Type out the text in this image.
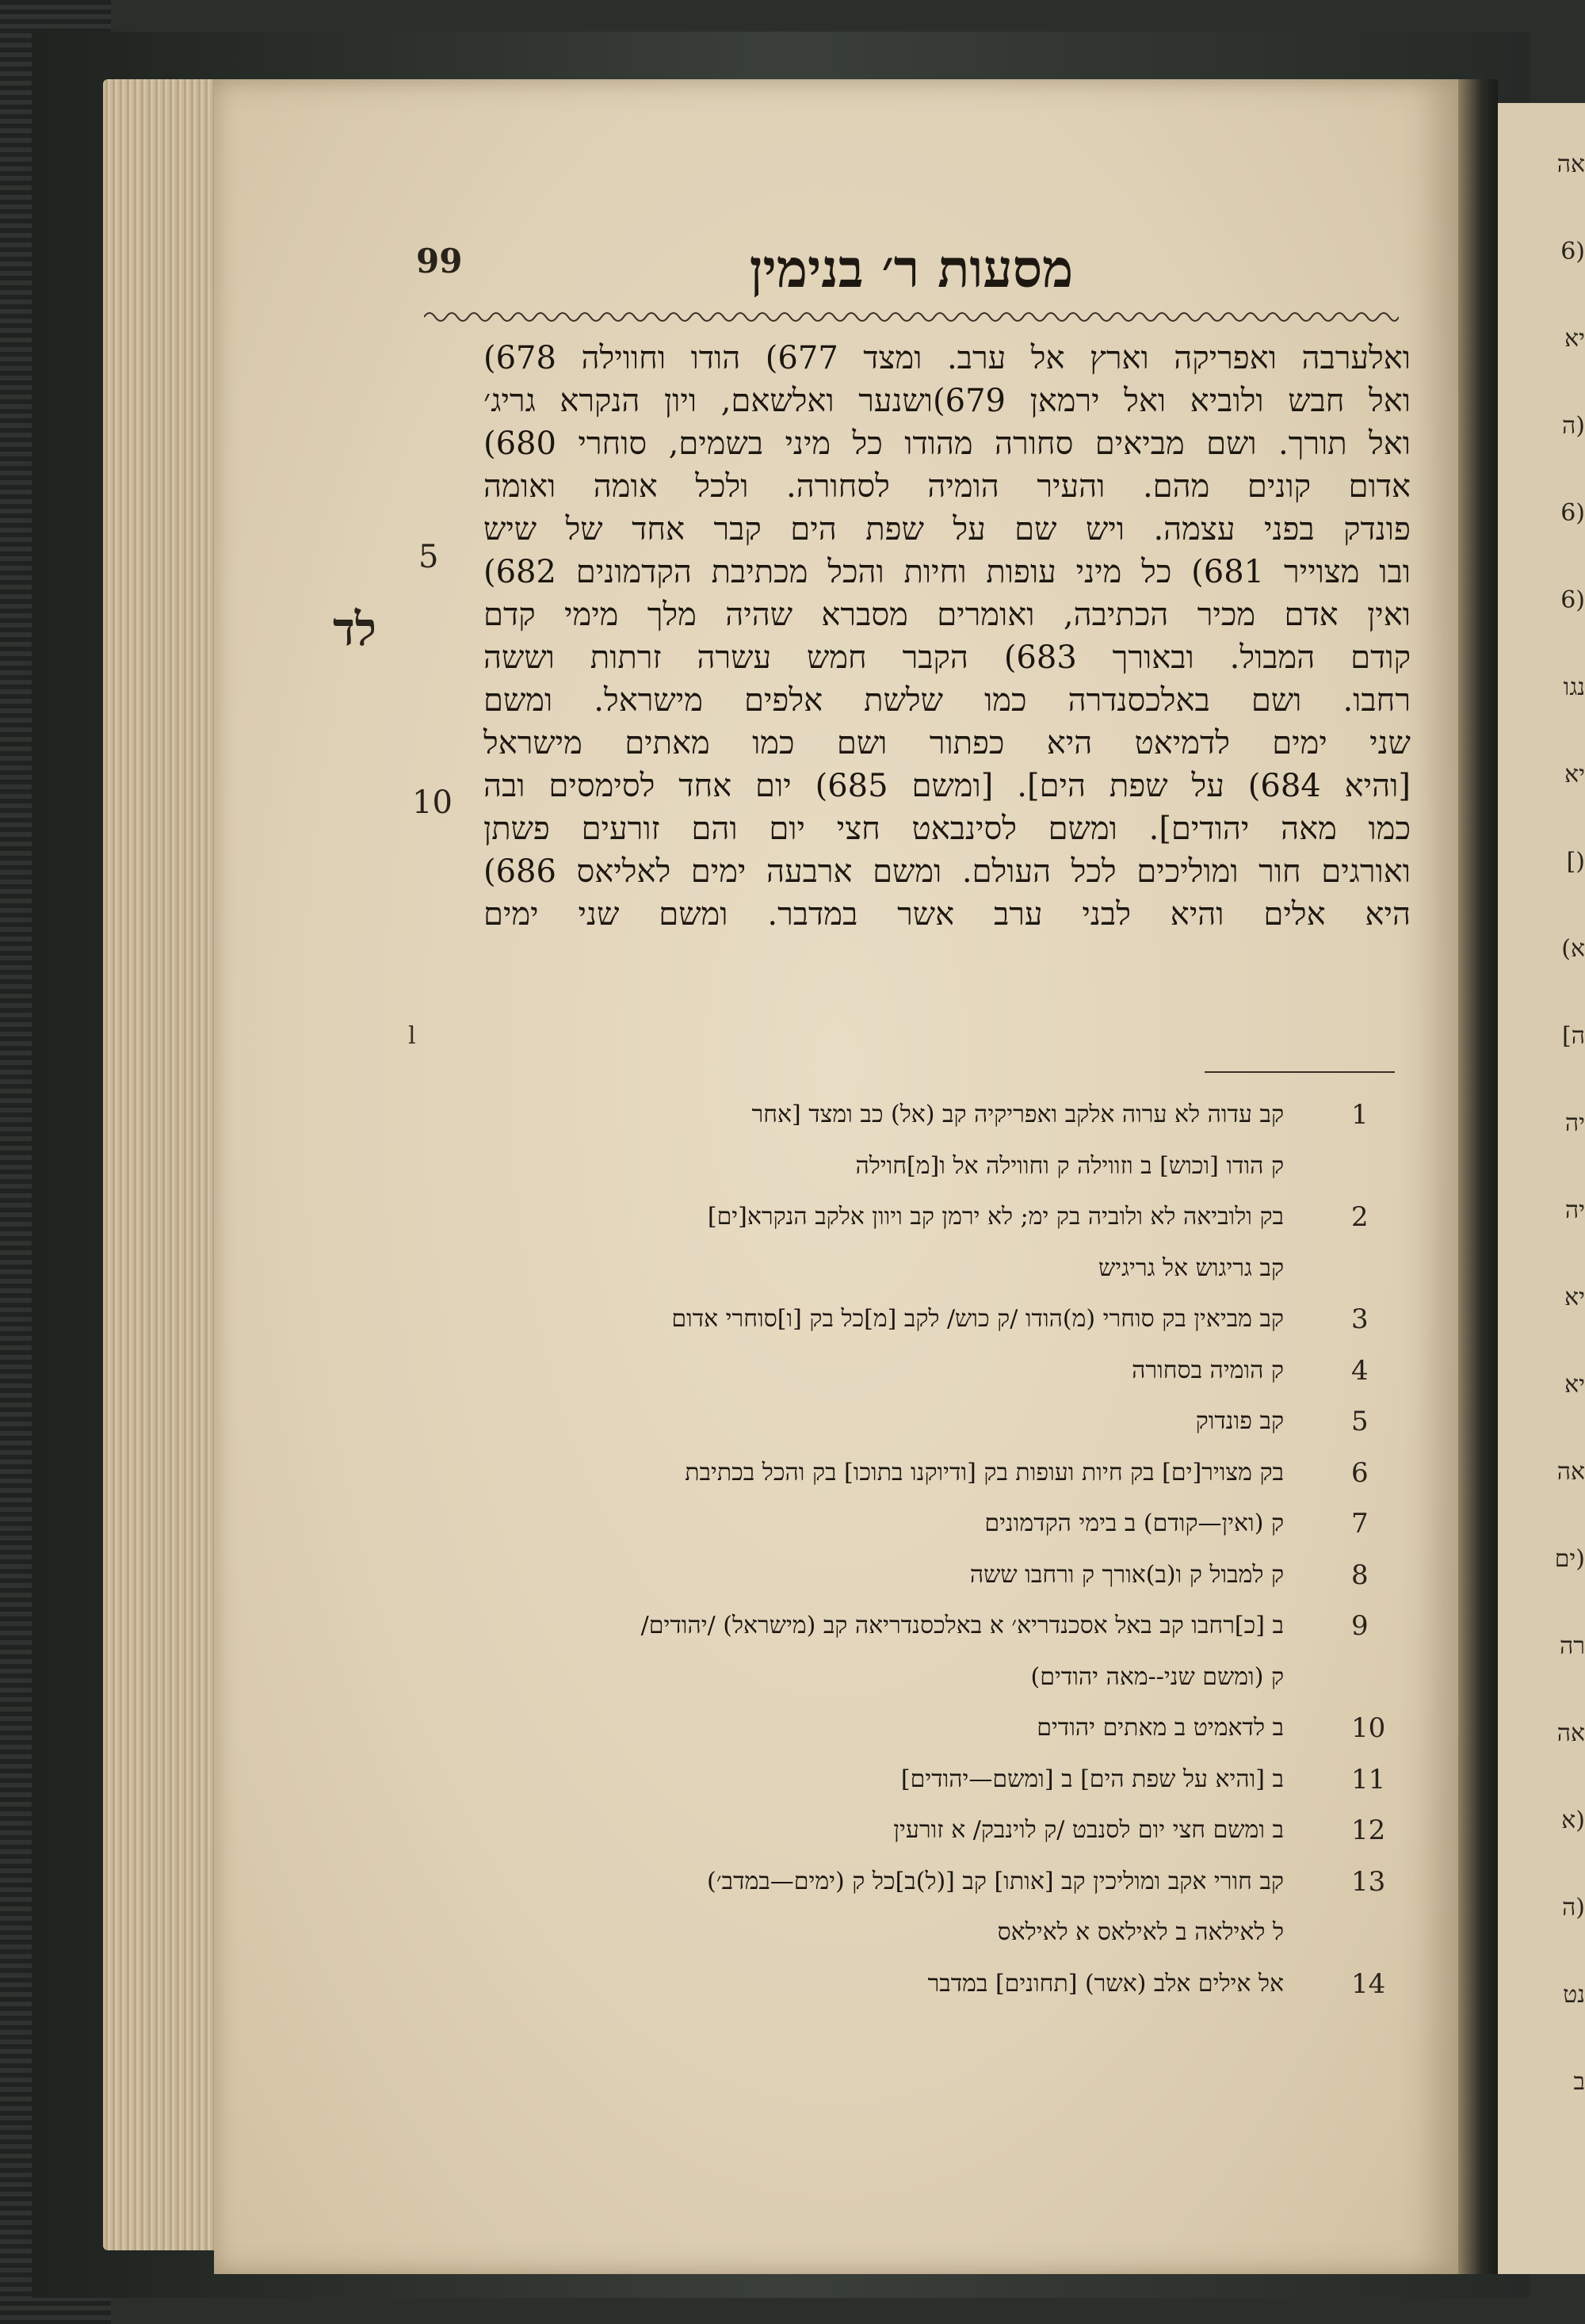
אה
(6
יא
(ה
(6
(6
נגו
יא
(]
א)
ה]
יה
יה
יא
יא
אה
(ים
רה
אה
(א
(ה
נט
ב
99	מסעות ר׳ בנימין
לד
5
10
ואלערבה ואפריקה וארץ אל ערב. ומצד 677) הודו וחווילה 678)
ואל חבש ולוביא ואל ירמאן 679)ושנער ואלשאם, ויון הנקרא גריג׳
ואל תורך. ושם מביאים סחורה מהודו כל מיני בשמים, סוחרי 680)
אדום קונים מהם. והעיר הומיה לסחורה. ולכל אומה ואומה
פונדק בפני עצמה. ויש שם על שפת הים קבר אחד של שיש
ובו מצוייר 681) כל מיני עופות וחיות והכל מכתיבת הקדמונים 682)
ואין אדם מכיר הכתיבה, ואומרים מסברא שהיה מלך מימי קדם
קודם המבול. ובאורך 683) הקבר חמש עשרה זרתות וששה
רחבו. ושם באלכסנדרה כמו שלשת אלפים מישראל. ומשם
שני ימים לדמיאט היא כפתור ושם כמו מאתים מישראל
[והיא 684) על שפת הים]. [ומשם 685) יום אחד לסימסים ובה
כמו מאה יהודים]. ומשם לסינבאט חצי יום והם זורעים פשתן
ואורגים חור ומוליכים לכל העולם. ומשם ארבעה ימים לאליאס 686)
היא אלים והיא לבני ערב אשר במדבר. ומשם שני ימים
l
1
קב עדוה לא ערוה אלקב ואפריקיה קב (אל) כב ומצד [אחר
ק הודו [וכוש] ב וזווילה ק וחווילה אל ו[מ]חוילה
2
בק ולוביאה לא ולוביה בק ימ; לא ירמן קב ויוון אלקב הנקרא[ים]
קב גריגוש אל גריגיש
3
קב מביאין בק סוחרי (מ)הודו /ק כוש/ לקב [מ]כל בק [ו]סוחרי אדום
4
ק הומיה בסחורה
5
קב פונדוק
6
בק מצויר[ים] בק חיות ועופות בק [ודיוקנו בתוכו] בק והכל בכתיבת
7
ק (ואין—קודם) ב בימי הקדמונים
8
ק למבול ק ו(ב)אורך ק ורחבו ששה
9
ב [כ]רחבו קב באל אסכנדריא׳ א באלכסנדריאה קב (מישראל) /יהודים/
ק (ומשם שני--מאה יהודים)
10
ב לדאמיט ב מאתים יהודים
11
ב [והיא על שפת הים] ב [ומשם—יהודים]
12
ב ומשם חצי יום לסנבט /ק לוינבק/ א זורעין
13
קב חורי אקב ומוליכין קב [אותו] קב [(ל)ב]כל ק (ימים—במדב׳)
ל לאילאה ב לאילאס א לאילאס
14
אל אילים אלב (אשר) [תחונים] במדבר
